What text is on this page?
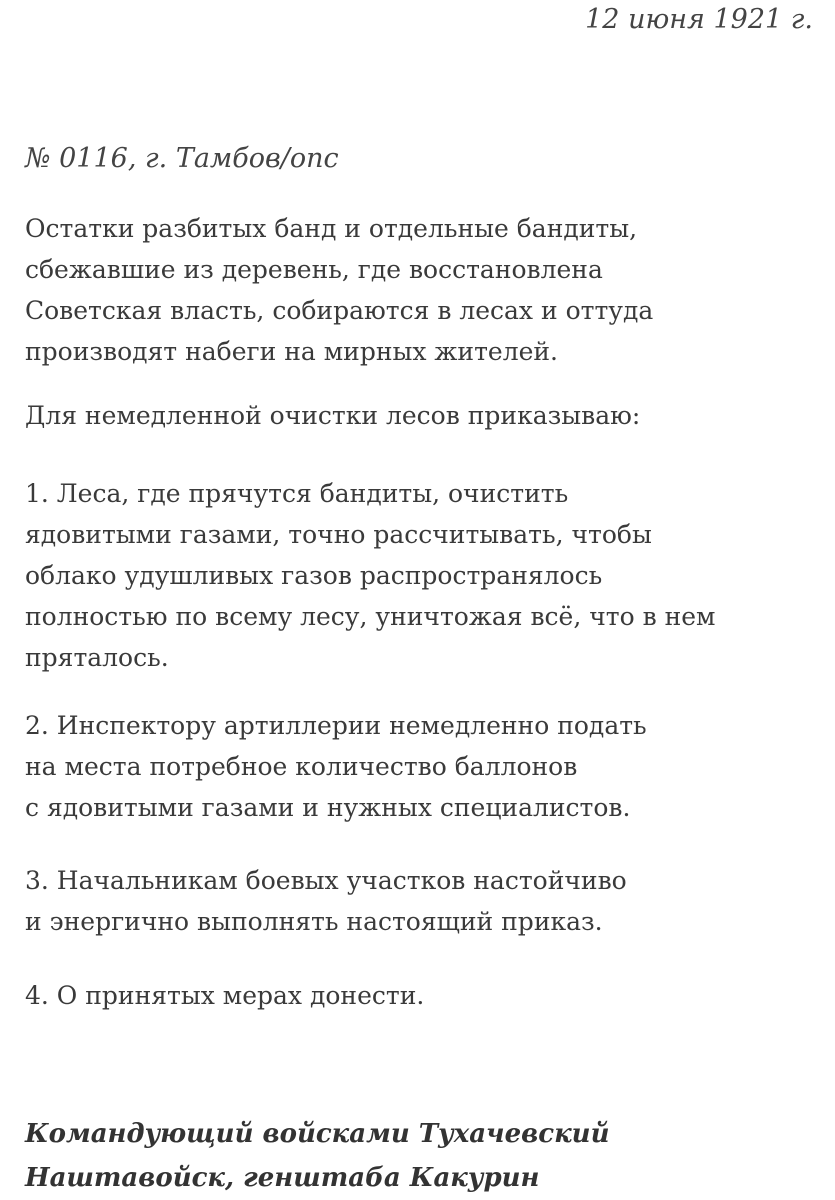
12 июня 1921 г.
№ 0116, г. Тамбов/опс

Остатки разбитых банд и отдельные бандиты,
сбежавшие из деревень, где восстановлена
Советская власть, собираются в лесах и оттуда
производят набеги на мирных жителей.

Для немедленной очистки лесов приказываю:

1. Леса, где прячутся бандиты, очистить
ядовитыми газами, точно рассчитывать, чтобы
облако удушливых газов распространялось
полностью по всему лесу, уничтожая всё, что в нем
пряталось.

2. Инспектору артиллерии немедленно подать
на места потребное количество баллонов
с ядовитыми газами и нужных специалистов.

3. Начальникам боевых участков настойчиво
и энергично выполнять настоящий приказ.

4. О принятых мерах донести.

Командующий войсками Тухачевский
Наштавойск, генштаба Какурин
